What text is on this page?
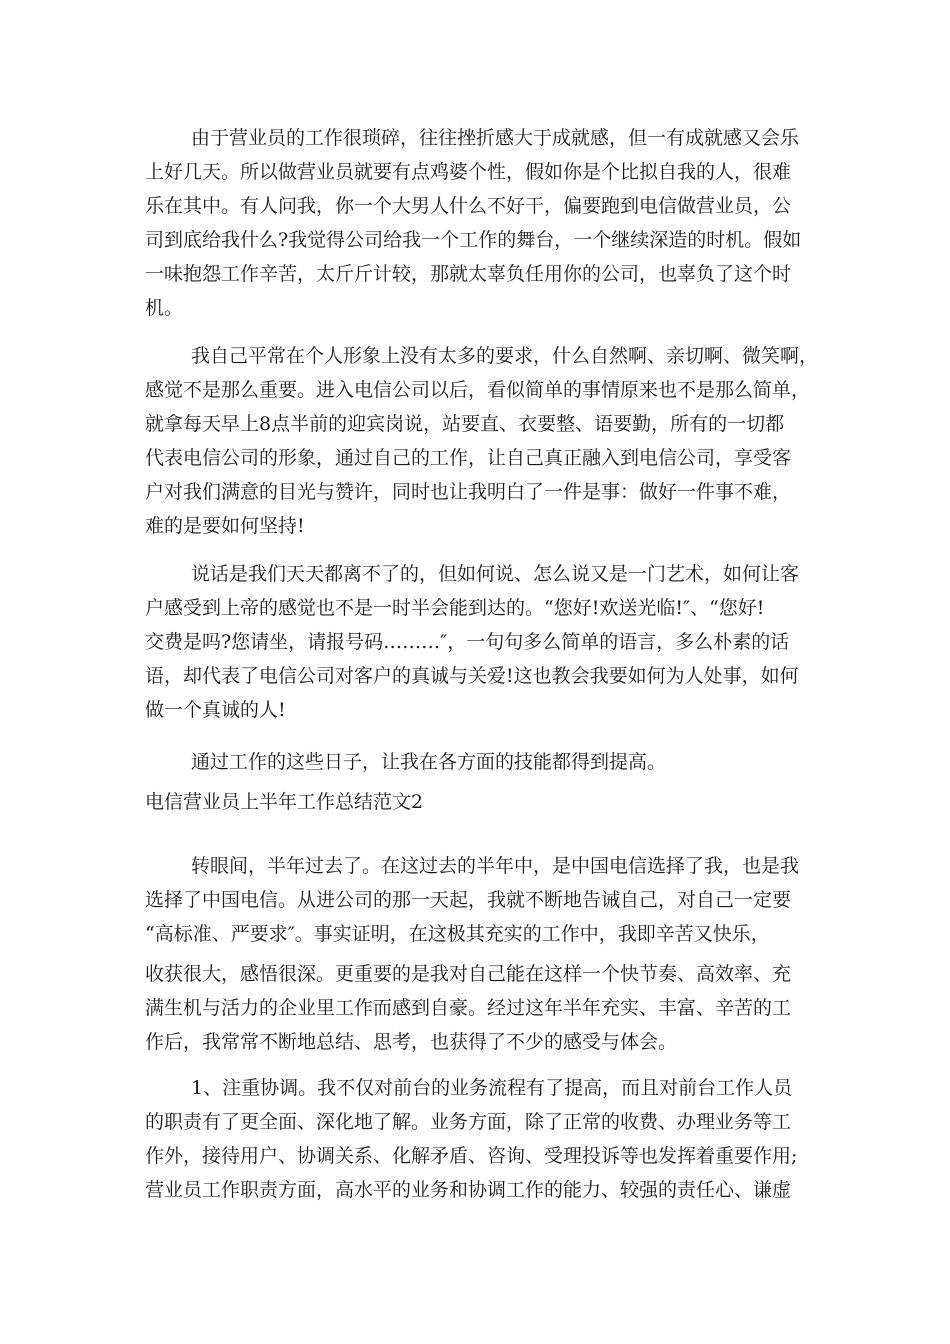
由于营业员的工作很琐碎，往往挫折感大于成就感，但一有成就感又会乐
上好几天。所以做营业员就要有点鸡婆个性，假如你是个比拟自我的人，很难
乐在其中。有人问我，你一个大男人什么不好干，偏要跑到电信做营业员，公
司到底给我什么?我觉得公司给我一个工作的舞台，一个继续深造的时机。假如
一味抱怨工作辛苦，太斤斤计较，那就太辜负任用你的公司，也辜负了这个时
机。
我自己平常在个人形象上没有太多的要求，什么自然啊、亲切啊、微笑啊，
感觉不是那么重要。进入电信公司以后，看似简单的事情原来也不是那么简单，
就拿每天早上8点半前的迎宾岗说，站要直、衣要整、语要勤，所有的一切都
代表电信公司的形象，通过自己的工作，让自己真正融入到电信公司，享受客
户对我们满意的目光与赞许，同时也让我明白了一件是事：做好一件事不难，
难的是要如何坚持!
说话是我们天天都离不了的，但如何说、怎么说又是一门艺术，如何让客
户感受到上帝的感觉也不是一时半会能到达的。“您好!欢送光临!″、“您好!
交费是吗?您请坐，请报号码………″，一句句多么简单的语言，多么朴素的话
语，却代表了电信公司对客户的真诚与关爱!这也教会我要如何为人处事，如何
做一个真诚的人!
通过工作的这些日子，让我在各方面的技能都得到提高。
电信营业员上半年工作总结范文2
转眼间，半年过去了。在这过去的半年中，是中国电信选择了我，也是我
选择了中国电信。从进公司的那一天起，我就不断地告诫自己，对自己一定要
“高标准、严要求″。事实证明，在这极其充实的工作中，我即辛苦又快乐，
收获很大，感悟很深。更重要的是我对自己能在这样一个快节奏、高效率、充
满生机与活力的企业里工作而感到自豪。经过这年半年充实、丰富、辛苦的工
作后，我常常不断地总结、思考，也获得了不少的感受与体会。
1、注重协调。我不仅对前台的业务流程有了提高，而且对前台工作人员
的职责有了更全面、深化地了解。业务方面，除了正常的收费、办理业务等工
作外，接待用户、协调关系、化解矛盾、咨询、受理投诉等也发挥着重要作用;
营业员工作职责方面，高水平的业务和协调工作的能力、较强的责任心、谦虚
